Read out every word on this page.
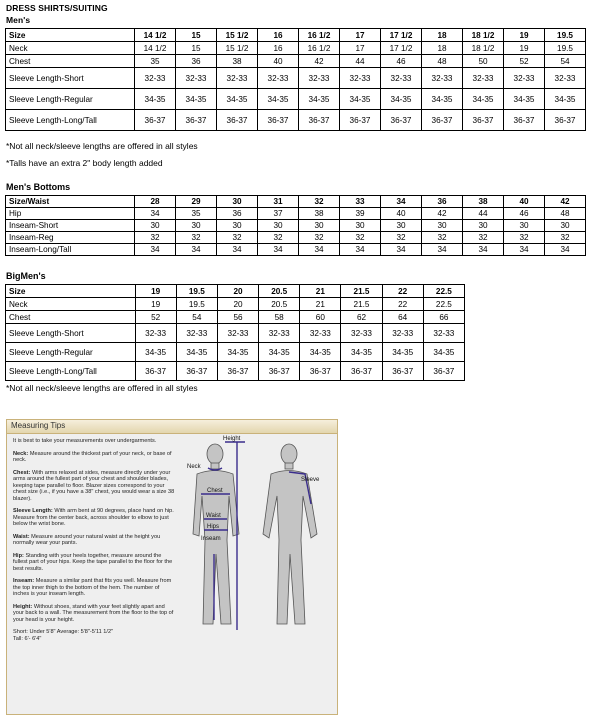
DRESS SHIRTS/SUITING
Men's
Size	14 1/2	15	15 1/2	16	16 1/2	17	17 1/2	18	18 1/2	19	19.5
Neck	14 1/2	15	15 1/2	16	16 1/2	17	17 1/2	18	18 1/2	19	19.5
Chest	35	36	38	40	42	44	46	48	50	52	54
Sleeve Length-Short	32-33	32-33	32-33	32-33	32-33	32-33	32-33	32-33	32-33	32-33	32-33
Sleeve Length-Regular	34-35	34-35	34-35	34-35	34-35	34-35	34-35	34-35	34-35	34-35	34-35
Sleeve Length-Long/Tall	36-37	36-37	36-37	36-37	36-37	36-37	36-37	36-37	36-37	36-37	36-37
*Not all neck/sleeve lengths are offered in all styles
*Talls have an extra 2" body length added
Men's Bottoms
Size/Waist	28	29	30	31	32	33	34	36	38	40	42
Hip	34	35	36	37	38	39	40	42	44	46	48
Inseam-Short	30	30	30	30	30	30	30	30	30	30	30
Inseam-Reg	32	32	32	32	32	32	32	32	32	32	32
Inseam-Long/Tall	34	34	34	34	34	34	34	34	34	34	34
BigMen's
Size	19	19.5	20	20.5	21	21.5	22	22.5
Neck	19	19.5	20	20.5	21	21.5	22	22.5
Chest	52	54	56	58	60	62	64	66
Sleeve Length-Short	32-33	32-33	32-33	32-33	32-33	32-33	32-33	32-33
Sleeve Length-Regular	34-35	34-35	34-35	34-35	34-35	34-35	34-35	34-35
Sleeve Length-Long/Tall	36-37	36-37	36-37	36-37	36-37	36-37	36-37	36-37
*Not all neck/sleeve lengths are offered in all styles
Measuring Tips

It is best to take your measurements over undergarments.

Neck: Measure around the thickest part of your neck, or base of neck.

Chest: With arms relaxed at sides, measure directly under your arms around the fullest part of your chest and shoulder blades, keeping tape parallel to floor. Blazer sizes correspond to your chest size (i.e., if you have a 38" chest, you would wear a size 38 blazer).

Sleeve Length: With arm bent at 90 degrees, place hand on hip. Measure from the center back, across shoulder to elbow to just below the wrist bone.

Waist: Measure around your natural waist at the height you normally wear your pants.

Hip: Standing with your heels together, measure around the fullest part of your hips. Keep the tape parallel to the floor for the best results.

Inseam: Measure a similar pant that fits you well. Measure from the top inner thigh to the bottom of the hem. The number of inches is your inseam length.

Height: Without shoes, stand with your feet slightly apart and your back to a wall. The measurement from the floor to the top of your head is your height.

Short: Under 5'8" Average: 5'8"-5'11 1/2"

Tall: 6'- 6'4"

Height
Neck
Chest
Waist
Hips
Inseam
Sleeve
